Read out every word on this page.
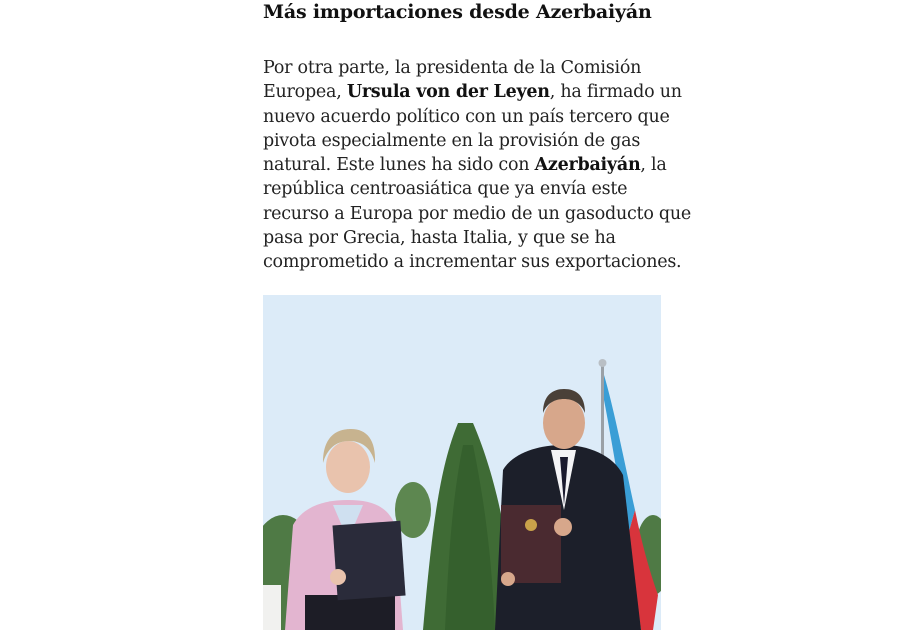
Más importaciones desde Azerbaiyán

Por otra parte, la presidenta de la Comisión
Europea, Ursula von der Leyen, ha firmado un
nuevo acuerdo político con un país tercero que
pivota especialmente en la provisión de gas
natural. Este lunes ha sido con Azerbaiyán, la
república centroasiática que ya envía este
recurso a Europa por medio de un gasoducto que
pasa por Grecia, hasta Italia, y que se ha
comprometido a incrementar sus exportaciones.
